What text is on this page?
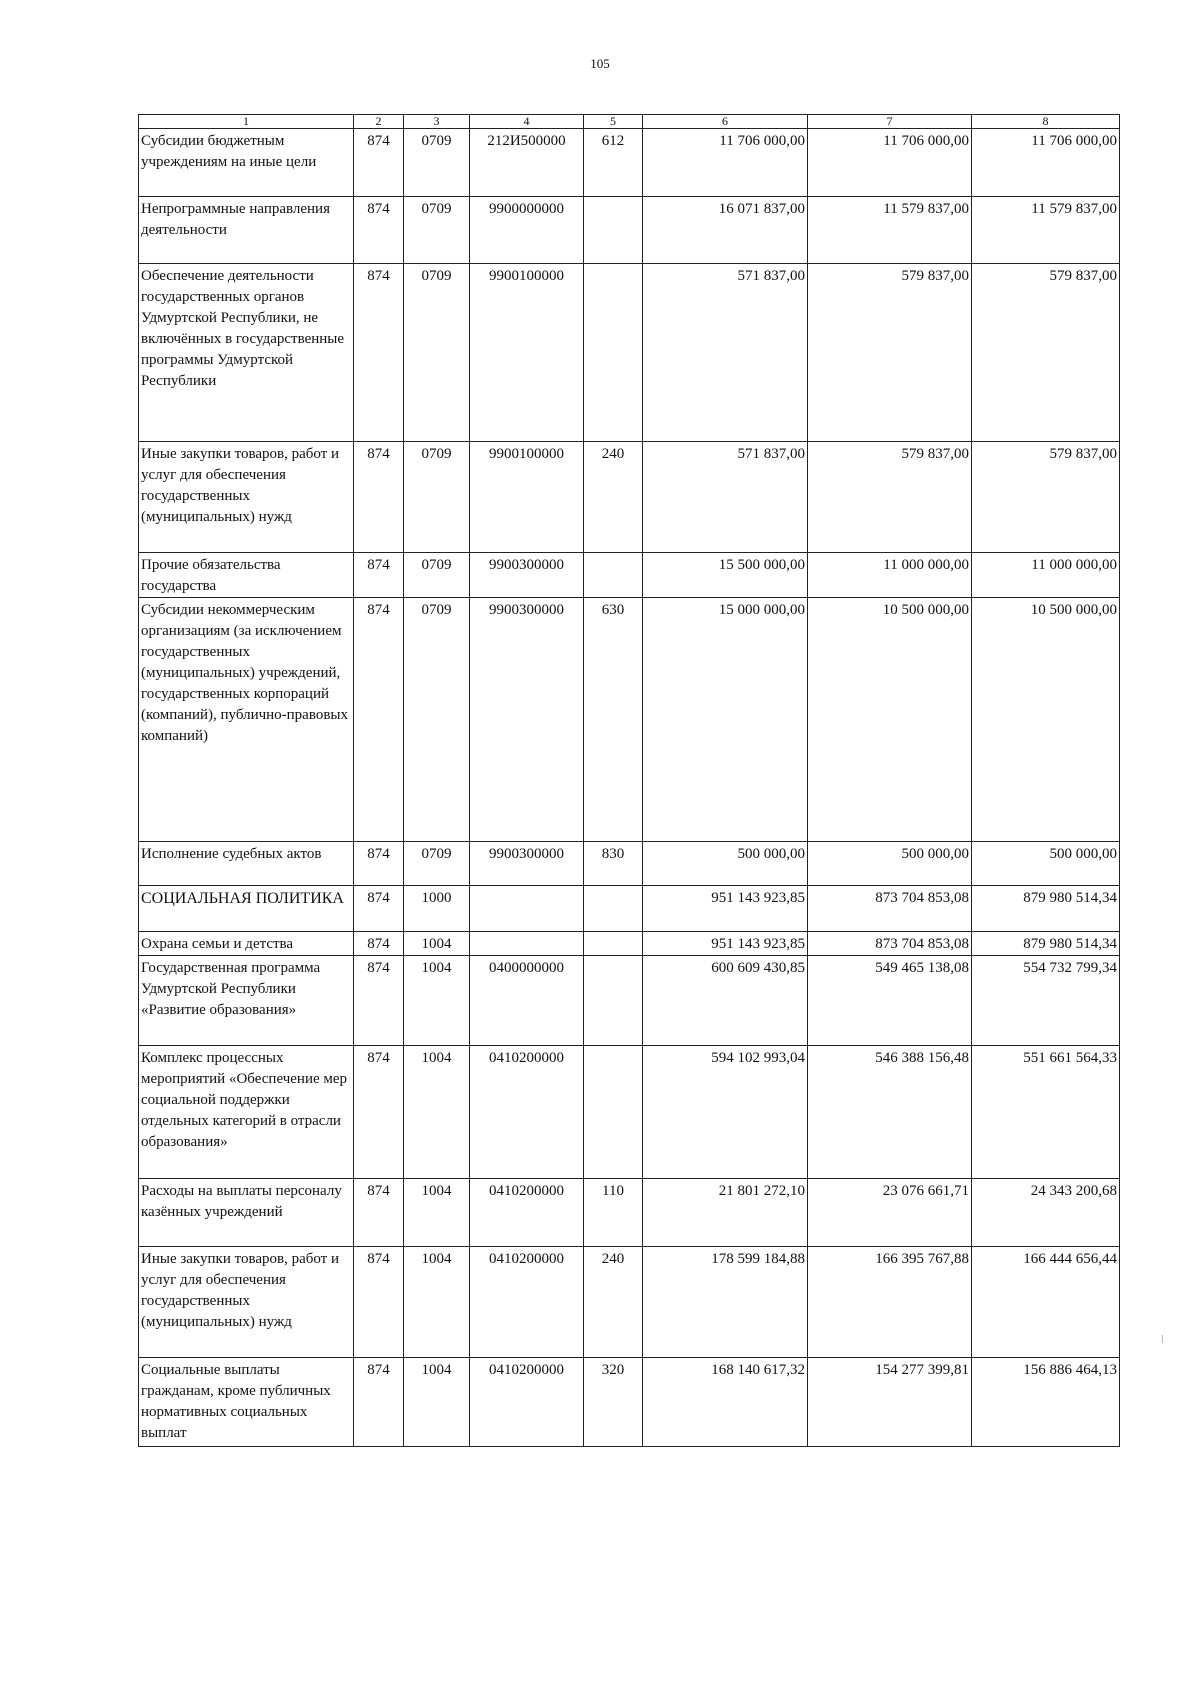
105
1	2	3	4	5	6	7	8
Субсидии бюджетным учреждениям на иные цели	874	0709	212И500000	612	11 706 000,00	11 706 000,00	11 706 000,00
Непрограммные направления деятельности	874	0709	9900000000		16 071 837,00	11 579 837,00	11 579 837,00
Обеспечение деятельности государственных органов Удмуртской Республики, не включённых в государственные программы Удмуртской Республики	874	0709	9900100000		571 837,00	579 837,00	579 837,00
Иные закупки товаров, работ и услуг для обеспечения государственных (муниципальных) нужд	874	0709	9900100000	240	571 837,00	579 837,00	579 837,00
Прочие обязательства государства	874	0709	9900300000		15 500 000,00	11 000 000,00	11 000 000,00
Субсидии некоммерческим организациям (за исключением государственных (муниципальных) учреждений, государственных корпораций (компаний), публично-правовых компаний)	874	0709	9900300000	630	15 000 000,00	10 500 000,00	10 500 000,00
Исполнение судебных актов	874	0709	9900300000	830	500 000,00	500 000,00	500 000,00
СОЦИАЛЬНАЯ ПОЛИТИКА	874	1000			951 143 923,85	873 704 853,08	879 980 514,34
Охрана семьи и детства	874	1004			951 143 923,85	873 704 853,08	879 980 514,34
Государственная программа Удмуртской Республики «Развитие образования»	874	1004	0400000000		600 609 430,85	549 465 138,08	554 732 799,34
Комплекс процессных мероприятий «Обеспечение мер социальной поддержки отдельных категорий в отрасли образования»	874	1004	0410200000		594 102 993,04	546 388 156,48	551 661 564,33
Расходы на выплаты персоналу казённых учреждений	874	1004	0410200000	110	21 801 272,10	23 076 661,71	24 343 200,68
Иные закупки товаров, работ и услуг для обеспечения государственных (муниципальных) нужд	874	1004	0410200000	240	178 599 184,88	166 395 767,88	166 444 656,44
Социальные выплаты гражданам, кроме публичных нормативных социальных выплат	874	1004	0410200000	320	168 140 617,32	154 277 399,81	156 886 464,13
